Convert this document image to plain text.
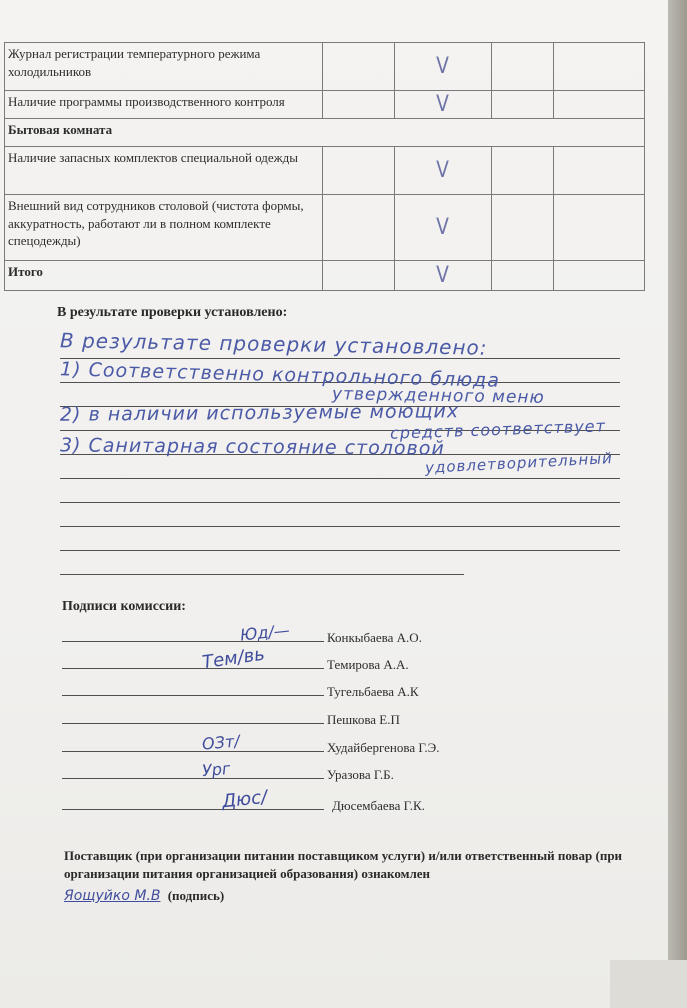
Журнал регистрации температурного режима холодильников		V		
Наличие программы производственного контроля		V		
Бытовая комната				
Наличие запасных комплектов специальной одежды		V		
Внешний вид сотрудников столовой (чистота формы, аккуратность, работают ли в полном комплекте спецодежды)		V		
Итого		V		
В результате проверки установлено:
В результате проверки установлено:
1) Соответственно контрольного блюда
утвержденного меню
2) в наличии используемые моющих
средств соответствует
3) Санитарная состояние столовой
удовлетворительный
Подписи комиссии:
Юд/—	Конкыбаева А.О.
Тем/вь	Темирова А.А.
Тугельбаева А.К
Пешкова Е.П
ОЗт/	Худайбергенова Г.Э.
Ург	Уразова Г.Б.
Дюс/	Дюсембаева Г.К.
Поставщик (при организации питании поставщиком услуги) и/или ответственный повар (при организации питания организацией образования) ознакомлен
Яощуйко М.В (подпись)
